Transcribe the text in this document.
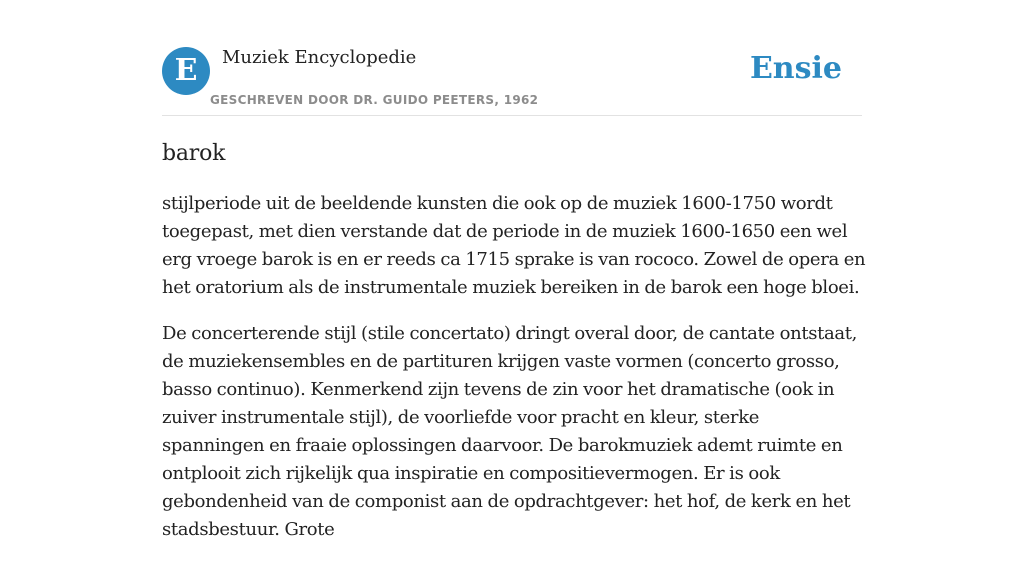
E	Muziek Encyclopedie
GESCHREVEN DOOR DR. GUIDO PEETERS, 1962
Ensie
barok

stijlperiode uit de beeldende kunsten die ook op de muziek 1600-1750 wordt toegepast, met dien verstande dat de periode in de muziek 1600-1650 een wel erg vroege barok is en er reeds ca 1715 sprake is van rococo. Zowel de opera en het oratorium als de instrumentale muziek bereiken in de barok een hoge bloei.

De concerterende stijl (stile concertato) dringt overal door, de cantate ontstaat, de muziekensembles en de partituren krijgen vaste vormen (concerto grosso, basso continuo). Kenmerkend zijn tevens de zin voor het dramatische (ook in zuiver instrumentale stijl), de voorliefde voor pracht en kleur, sterke spanningen en fraaie oplossingen daarvoor. De barokmuziek ademt ruimte en ontplooit zich rijkelijk qua inspiratie en compositievermogen. Er is ook gebondenheid van de componist aan de opdrachtgever: het hof, de kerk en het stadsbestuur. Grote
